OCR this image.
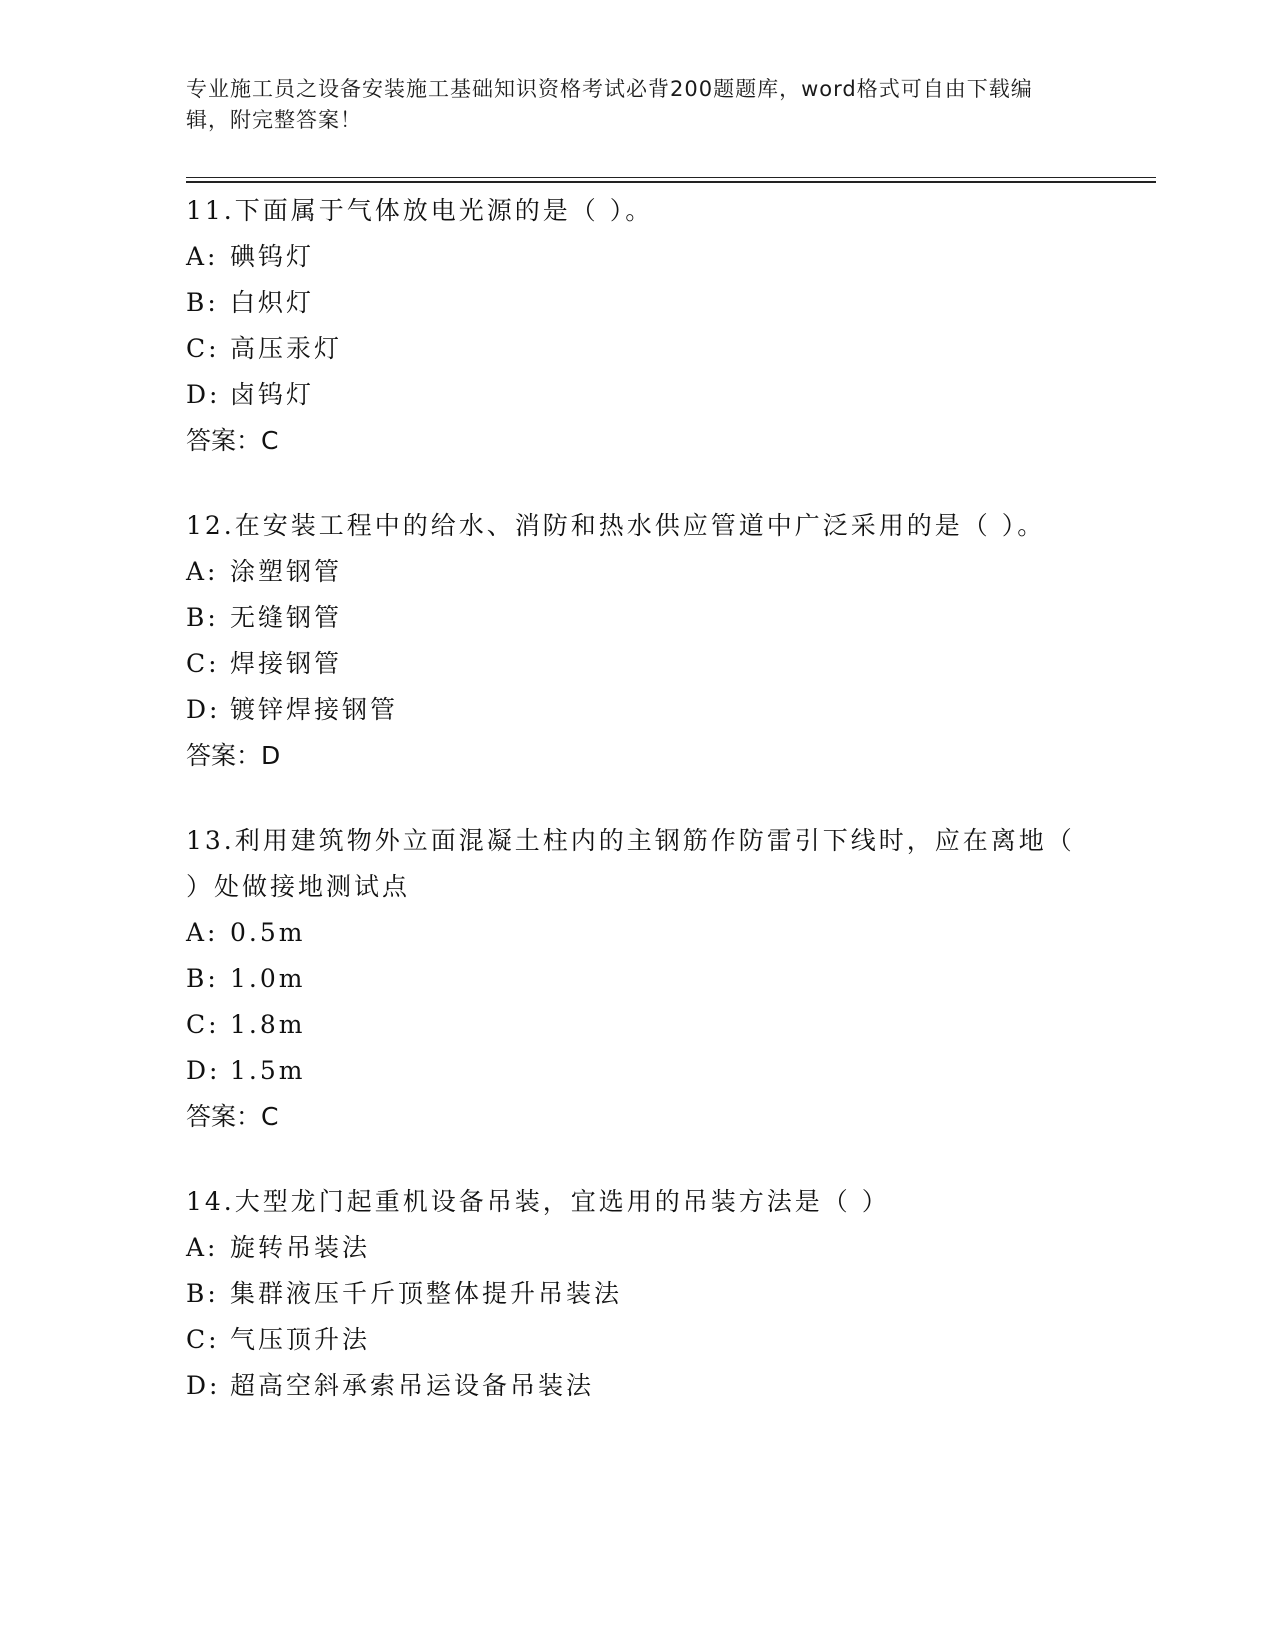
专业施工员之设备安装施工基础知识资格考试必背200题题库，word格式可自由下载编辑，附完整答案！

11.下面属于气体放电光源的是（ ）。

A: 碘钨灯

B: 白炽灯

C: 高压汞灯

D: 卤钨灯

答案：C

12.在安装工程中的给水、消防和热水供应管道中广泛采用的是（ ）。

A: 涂塑钢管

B: 无缝钢管

C: 焊接钢管

D: 镀锌焊接钢管

答案：D

13.利用建筑物外立面混凝土柱内的主钢筋作防雷引下线时，应在离地（ ）处做接地测试点

A: 0.5m

B: 1.0m

C: 1.8m

D: 1.5m

答案：C

14.大型龙门起重机设备吊装，宜选用的吊装方法是（ ）

A: 旋转吊装法

B: 集群液压千斤顶整体提升吊装法

C: 气压顶升法

D: 超高空斜承索吊运设备吊装法
